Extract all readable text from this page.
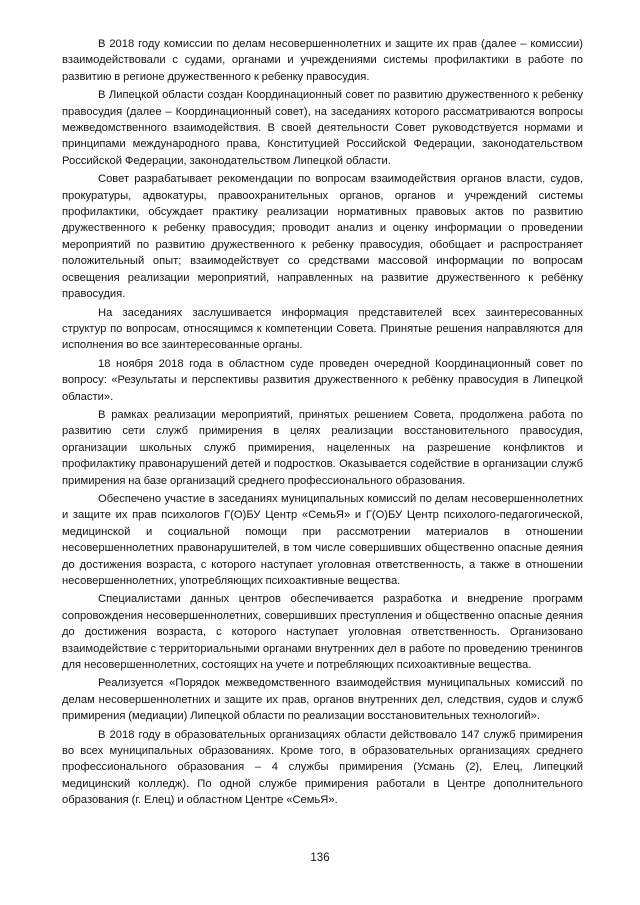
В 2018 году комиссии по делам несовершеннолетних и защите их прав (далее – комиссии) взаимодействовали с судами, органами и учреждениями системы профилактики в работе по развитию в регионе дружественного к ребенку правосудия.

В Липецкой области создан Координационный совет по развитию дружественного к ребенку правосудия (далее – Координационный совет), на заседаниях которого рассматриваются вопросы межведомственного взаимодействия. В своей деятельности Совет руководствуется нормами и принципами международного права, Конституцией Российской Федерации, законодательством Российской Федерации, законодательством Липецкой области.

Совет разрабатывает рекомендации по вопросам взаимодействия органов власти, судов, прокуратуры, адвокатуры, правоохранительных органов, органов и учреждений системы профилактики, обсуждает практику реализации нормативных правовых актов по развитию дружественного к ребенку правосудия; проводит анализ и оценку информации о проведении мероприятий по развитию дружественного к ребенку правосудия, обобщает и распространяет положительный опыт; взаимодействует со средствами массовой информации по вопросам освещения реализации мероприятий, направленных на развитие дружественного к ребёнку правосудия.

На заседаниях заслушивается информация представителей всех заинтересованных структур по вопросам, относящимся к компетенции Совета. Принятые решения направляются для исполнения во все заинтересованные органы.

18 ноября 2018 года в областном суде проведен очередной Координационный совет по вопросу: «Результаты и перспективы развития дружественного к ребёнку правосудия в Липецкой области».

В рамках реализации мероприятий, принятых решением Совета, продолжена работа по развитию сети служб примирения в целях реализации восстановительного правосудия, организации школьных служб примирения, нацеленных на разрешение конфликтов и профилактику правонарушений детей и подростков. Оказывается содействие в организации служб примирения на базе организаций среднего профессионального образования.

Обеспечено участие в заседаниях муниципальных комиссий по делам несовершеннолетних и защите их прав психологов Г(О)БУ Центр «СемьЯ» и Г(О)БУ Центр психолого-педагогической, медицинской и социальной помощи при рассмотрении материалов в отношении несовершеннолетних правонарушителей, в том числе совершивших общественно опасные деяния до достижения возраста, с которого наступает уголовная ответственность, а также в отношении несовершеннолетних, употребляющих психоактивные вещества.

Специалистами данных центров обеспечивается разработка и внедрение программ сопровождения несовершеннолетних, совершивших преступления и общественно опасные деяния до достижения возраста, с которого наступает уголовная ответственность. Организовано взаимодействие с территориальными органами внутренних дел в работе по проведению тренингов для несовершеннолетних, состоящих на учете и потребляющих психоактивные вещества.

Реализуется «Порядок межведомственного взаимодействия муниципальных комиссий по делам несовершеннолетних и защите их прав, органов внутренних дел, следствия, судов и служб примирения (медиации) Липецкой области по реализации восстановительных технологий».

В 2018 году в образовательных организациях области действовало 147 служб примирения во всех муниципальных образованиях. Кроме того, в образовательных организациях среднего профессионального образования – 4 службы примирения (Усмань (2), Елец, Липецкий медицинский колледж). По одной службе примирения работали в Центре дополнительного образования (г. Елец) и областном Центре «СемьЯ».

136
